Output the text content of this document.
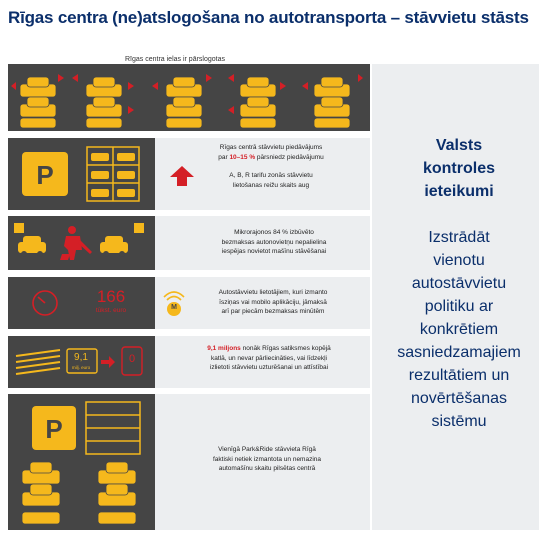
Rīgas centra (ne)atslogošana no autotransporta – stāvvietu stāsts
Rīgas centra ielas ir pārslogotas
Valsts
kontroles
ieteikumi
Izstrādāt
vienotu
autostāvvietu
politiku ar
konkrētiem
sasniedzamajiem
rezultātiem un
novērtēšanas
sistēmu
P
Rīgas centrā stāvvietu piedāvājums
par 10–15 % pārsniedz piedāvājumu
A, B, R tarifu zonās stāvvietu
lietošanas reižu skaits aug
Mikrorajonos 84 % izbūvēto
bezmaksas autonovietņu nepalielina
iespējas novietot mašīnu stāvēšanai
166
tūkst. euro	M
Autostāvvietu lietotājiem, kuri izmanto
īsziņas vai mobilo aplikāciju, jāmaksā
arī par piecām bezmaksas minūtēm
9,1
milj. euro
0
9,1 miljons nonāk Rīgas satiksmes kopējā
katlā, un nevar pārliecināties, vai līdzekļi
izlietoti stāvvietu uzturēšanai un attīstībai
P
Vienīgā Park&Ride stāvvieta Rīgā
faktiski netiek izmantota un nemazina
automašīnu skaitu pilsētas centrā
